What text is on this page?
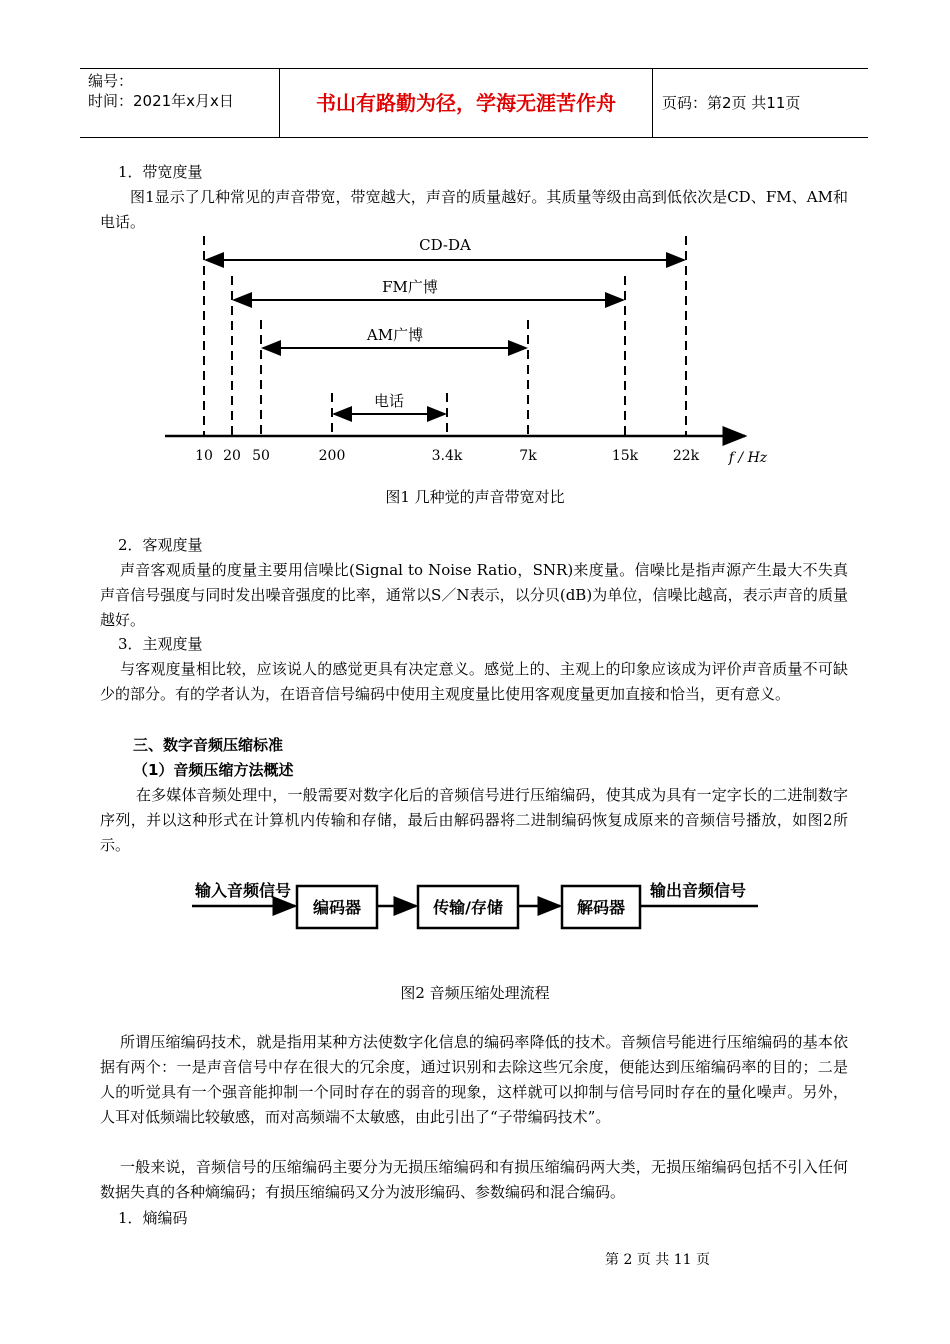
编号：
时间：2021年x月x日	书山有路勤为径，学海无涯苦作舟	页码：第2页 共11页
1．带宽度量
图1显示了几种常见的声音带宽，带宽越大，声音的质量越好。其质量等级由高到低依次是CD、FM、AM和电话。
CD-DA
FM广博
AM广博
电话
10 20 50	200	3.4k	7k	15k 22k f / Hz
图1 几种觉的声音带宽对比
2．客观度量
声音客观质量的度量主要用信噪比(Signal to Noise Ratio，SNR)来度量。信噪比是指声源产生最大不失真声音信号强度与同时发出噪音强度的比率，通常以S／N表示，以分贝(dB)为单位，信噪比越高，表示声音的质量越好。
3．主观度量
与客观度量相比较，应该说人的感觉更具有决定意义。感觉上的、主观上的印象应该成为评价声音质量不可缺少的部分。有的学者认为，在语音信号编码中使用主观度量比使用客观度量更加直接和恰当，更有意义。
三、数字音频压缩标准
（1）音频压缩方法概述
在多媒体音频处理中，一般需要对数字化后的音频信号进行压缩编码，使其成为具有一定字长的二进制数字序列，并以这种形式在计算机内传输和存储，最后由解码器将二进制编码恢复成原来的音频信号播放，如图2所示。
输入音频信号	输出音频信号
编码器	传输/存储	解码器
图2 音频压缩处理流程
所谓压缩编码技术，就是指用某种方法使数字化信息的编码率降低的技术。音频信号能进行压缩编码的基本依据有两个：一是声音信号中存在很大的冗余度，通过识别和去除这些冗余度，便能达到压缩编码率的目的；二是人的听觉具有一个强音能抑制一个同时存在的弱音的现象，这样就可以抑制与信号同时存在的量化噪声。另外，人耳对低频端比较敏感，而对高频端不太敏感，由此引出了“子带编码技术”。
一般来说，音频信号的压缩编码主要分为无损压缩编码和有损压缩编码两大类，无损压缩编码包括不引入任何数据失真的各种熵编码；有损压缩编码又分为波形编码、参数编码和混合编码。
1．熵编码
第 2 页 共 11 页
